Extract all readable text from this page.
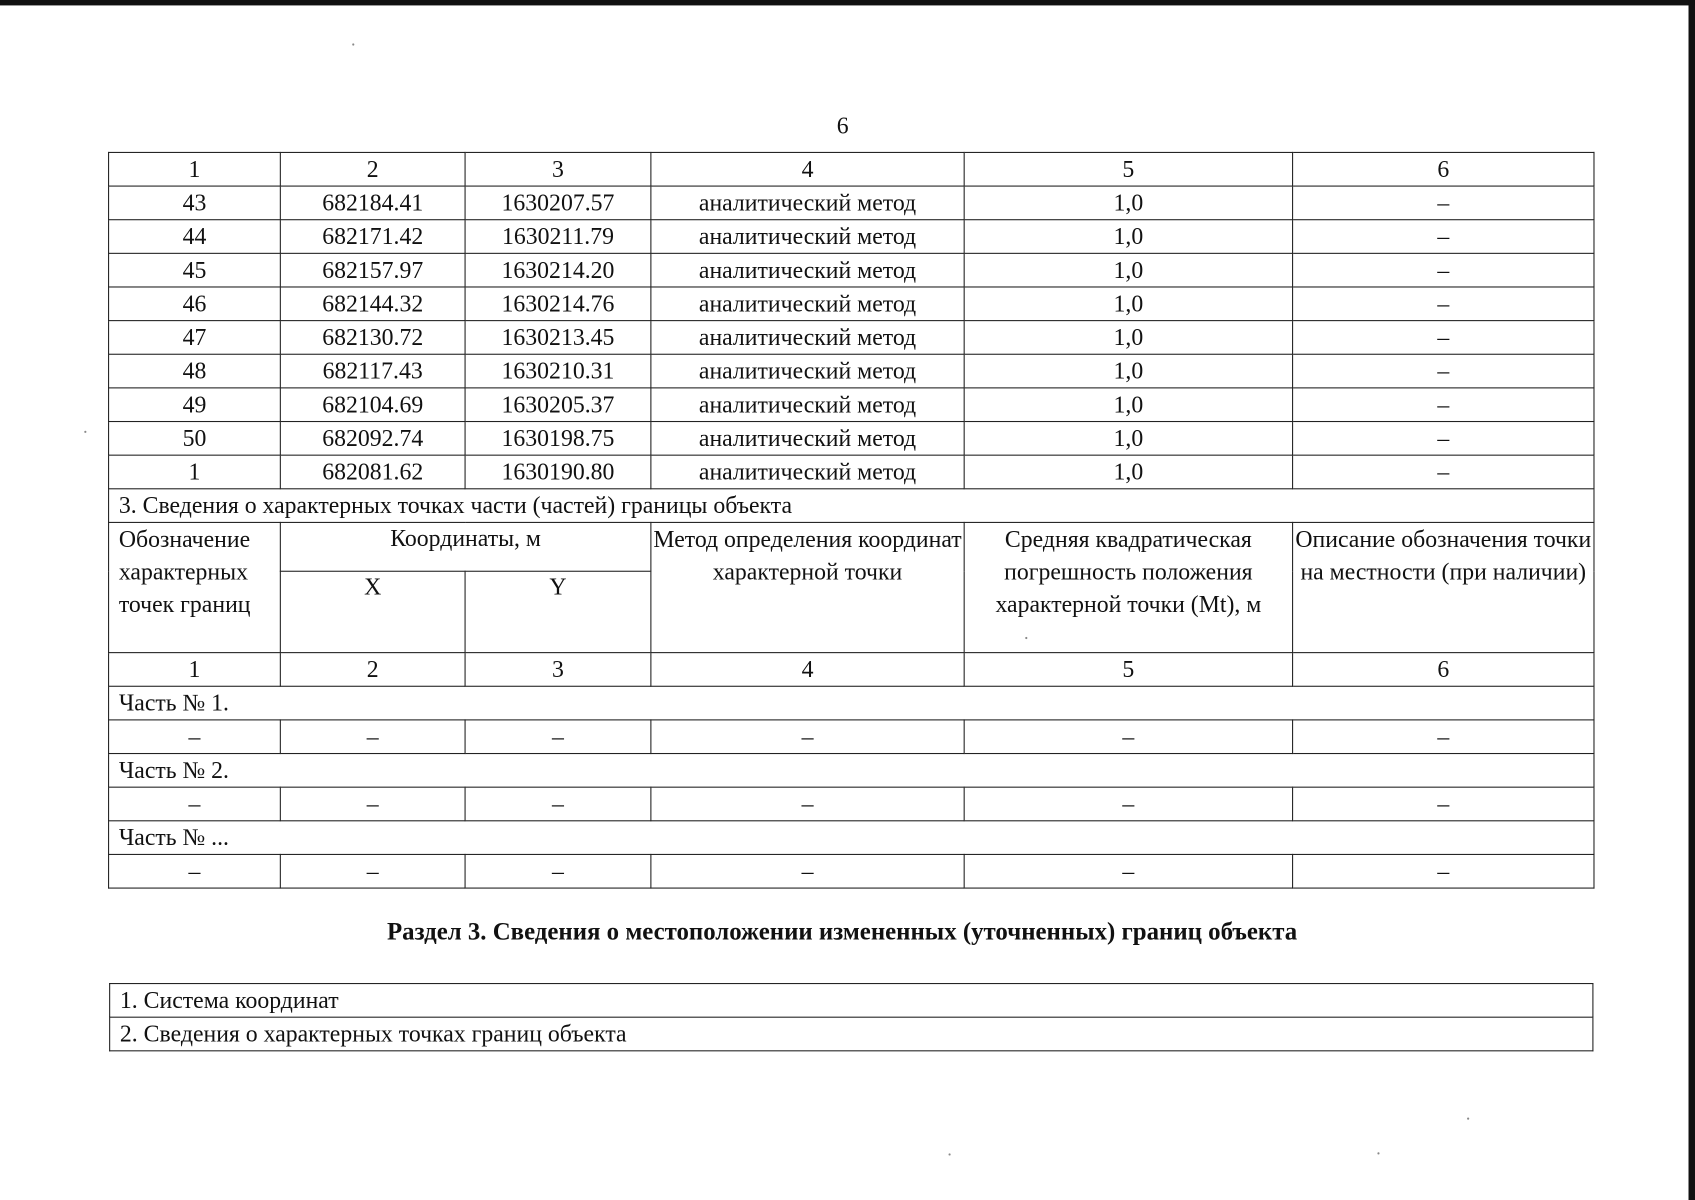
6
1	2	3	4	5	6
43	682184.41	1630207.57	аналитический метод	1,0	–
44	682171.42	1630211.79	аналитический метод	1,0	–
45	682157.97	1630214.20	аналитический метод	1,0	–
46	682144.32	1630214.76	аналитический метод	1,0	–
47	682130.72	1630213.45	аналитический метод	1,0	–
48	682117.43	1630210.31	аналитический метод	1,0	–
49	682104.69	1630205.37	аналитический метод	1,0	–
50	682092.74	1630198.75	аналитический метод	1,0	–
1	682081.62	1630190.80	аналитический метод	1,0	–
3. Сведения о характерных точках части (частей) границы объекта					
Обозначение характерных точек границ	Координаты, м		Метод определения координат характерной точки	Средняя квадратическая погрешность положения характерной точки (Mt), м	Описание обозначения точки на местности (при наличии)
	X	Y			
1	2	3	4	5	6
Часть № 1.					
–	–	–	–	–	–
Часть № 2.					
–	–	–	–	–	–
Часть № ...					
–	–	–	–	–	–
Раздел 3. Сведения о местоположении измененных (уточненных) границ объекта
1. Система координат
2. Сведения о характерных точках границ объекта
